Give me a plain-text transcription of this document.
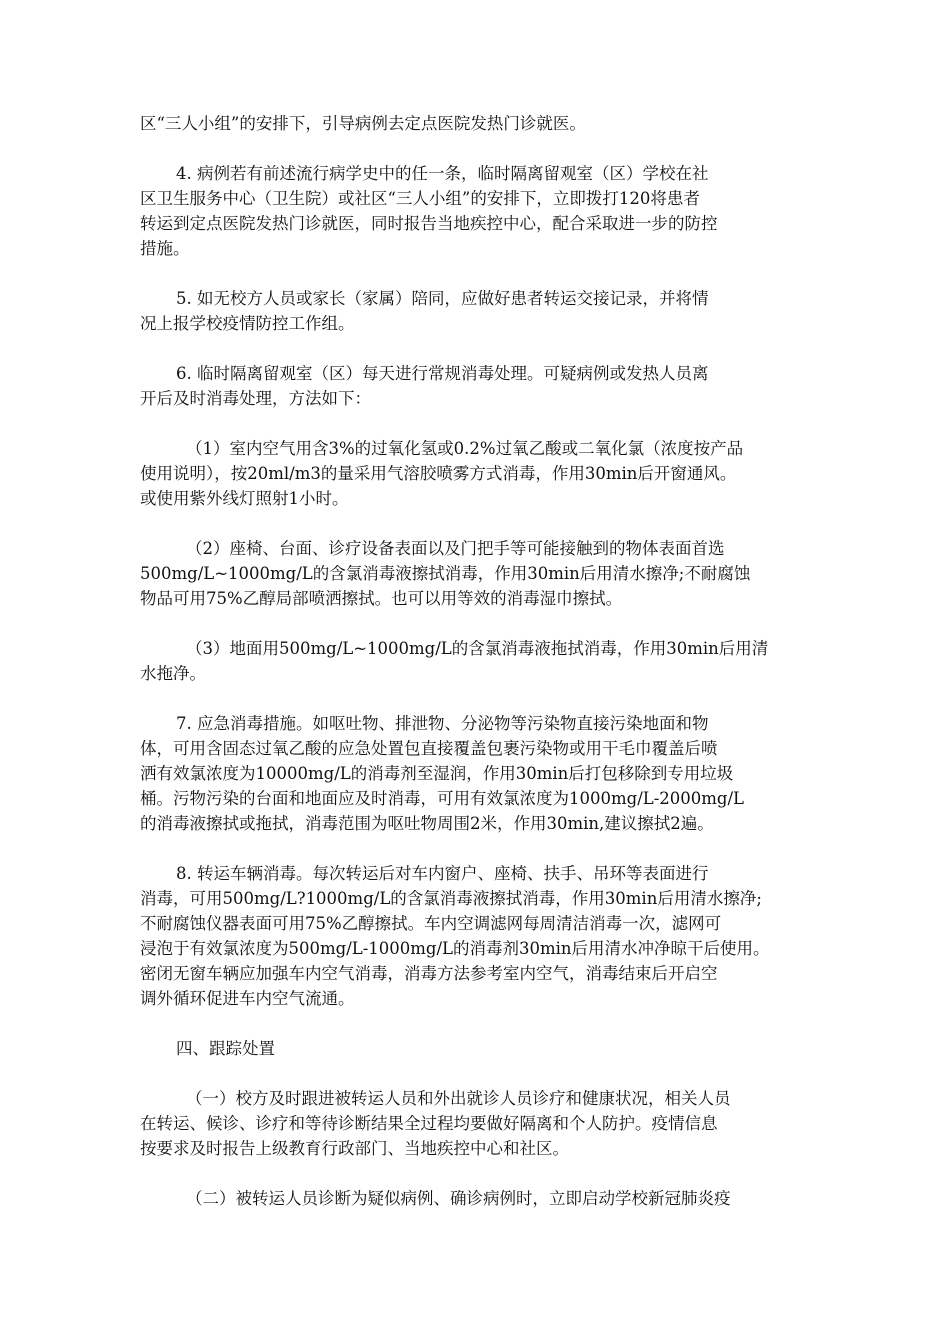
区“三人小组”的安排下，引导病例去定点医院发热门诊就医。
4. 病例若有前述流行病学史中的任一条，临时隔离留观室（区）学校在社
区卫生服务中心（卫生院）或社区“三人小组”的安排下，立即拨打120将患者
转运到定点医院发热门诊就医，同时报告当地疾控中心，配合采取进一步的防控
措施。
5. 如无校方人员或家长（家属）陪同，应做好患者转运交接记录，并将情
况上报学校疫情防控工作组。
6. 临时隔离留观室（区）每天进行常规消毒处理。可疑病例或发热人员离
开后及时消毒处理，方法如下：
（1）室内空气用含3%的过氧化氢或0.2%过氧乙酸或二氧化氯（浓度按产品
使用说明），按20ml/m3的量采用气溶胶喷雾方式消毒，作用30min后开窗通风。
或使用紫外线灯照射1小时。
（2）座椅、台面、诊疗设备表面以及门把手等可能接触到的物体表面首选
500mg/L~1000mg/L的含氯消毒液擦拭消毒，作用30min后用清水擦净;不耐腐蚀
物品可用75%乙醇局部喷洒擦拭。也可以用等效的消毒湿巾擦拭。
（3）地面用500mg/L~1000mg/L的含氯消毒液拖拭消毒，作用30min后用清
水拖净。
7. 应急消毒措施。如呕吐物、排泄物、分泌物等污染物直接污染地面和物
体，可用含固态过氧乙酸的应急处置包直接覆盖包裹污染物或用干毛巾覆盖后喷
洒有效氯浓度为10000mg/L的消毒剂至湿润，作用30min后打包移除到专用垃圾
桶。污物污染的台面和地面应及时消毒，可用有效氯浓度为1000mg/L-2000mg/L
的消毒液擦拭或拖拭，消毒范围为呕吐物周围2米，作用30min,建议擦拭2遍。
8. 转运车辆消毒。每次转运后对车内窗户、座椅、扶手、吊环等表面进行
消毒，可用500mg/L?1000mg/L的含氯消毒液擦拭消毒，作用30min后用清水擦净;
不耐腐蚀仪器表面可用75%乙醇擦拭。车内空调滤网每周清洁消毒一次，滤网可
浸泡于有效氯浓度为500mg/L-1000mg/L的消毒剂30min后用清水冲净晾干后使用。
密闭无窗车辆应加强车内空气消毒，消毒方法参考室内空气，消毒结束后开启空
调外循环促进车内空气流通。
四、跟踪处置
（一）校方及时跟进被转运人员和外出就诊人员诊疗和健康状况，相关人员
在转运、候诊、诊疗和等待诊断结果全过程均要做好隔离和个人防护。疫情信息
按要求及时报告上级教育行政部门、当地疾控中心和社区。
（二）被转运人员诊断为疑似病例、确诊病例时，立即启动学校新冠肺炎疫
